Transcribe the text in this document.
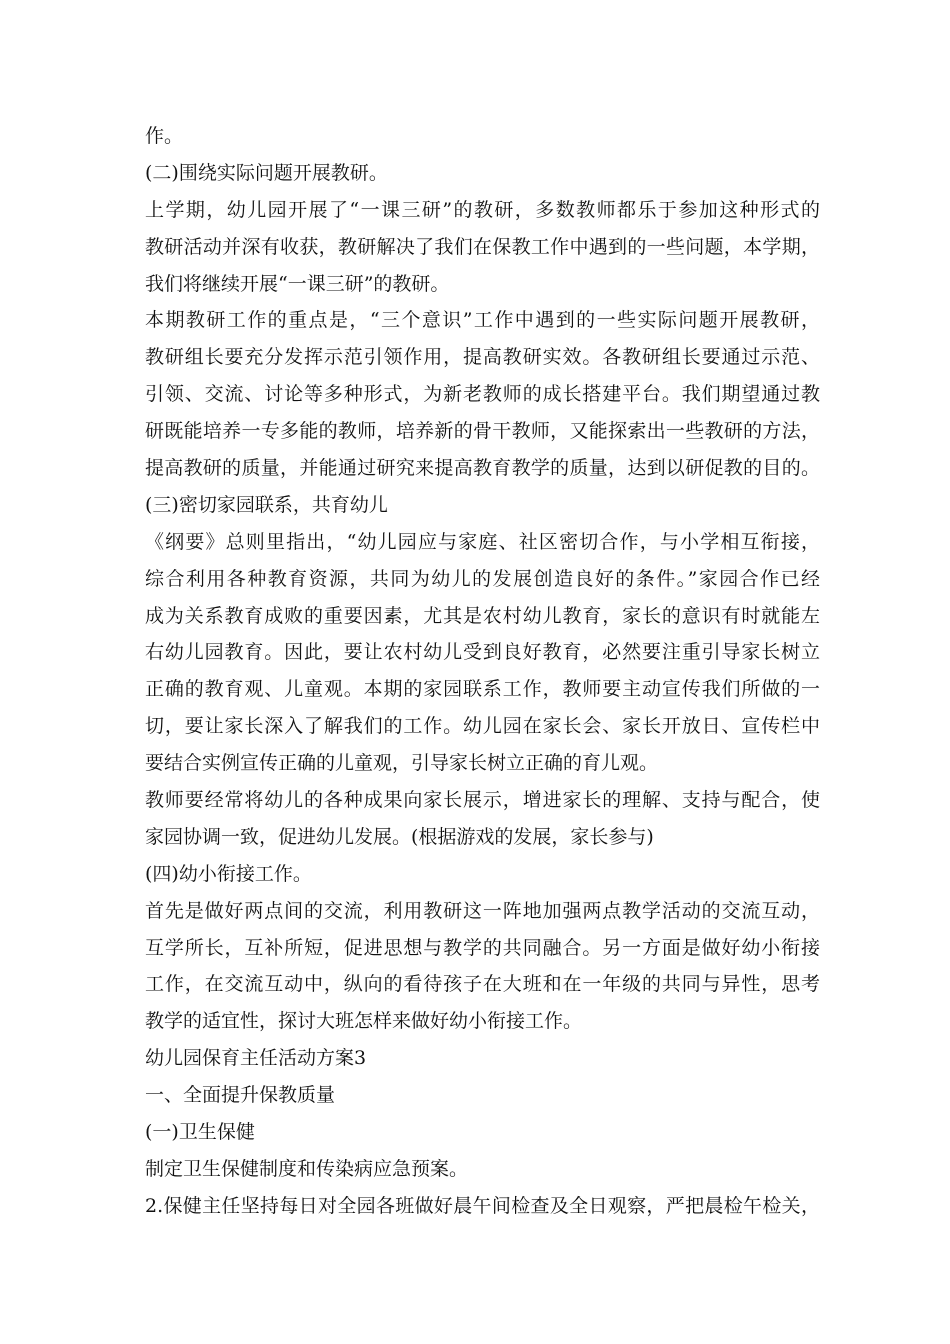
作。
(二)围绕实际问题开展教研。
上学期，幼儿园开展了“一课三研”的教研，多数教师都乐于参加这种形式的
教研活动并深有收获，教研解决了我们在保教工作中遇到的一些问题，本学期，
我们将继续开展“一课三研”的教研。
本期教研工作的重点是，“三个意识”工作中遇到的一些实际问题开展教研，
教研组长要充分发挥示范引领作用，提高教研实效。各教研组长要通过示范、
引领、交流、讨论等多种形式，为新老教师的成长搭建平台。我们期望通过教
研既能培养一专多能的教师，培养新的骨干教师，又能探索出一些教研的方法，
提高教研的质量，并能通过研究来提高教育教学的质量，达到以研促教的目的。
(三)密切家园联系，共育幼儿
《纲要》总则里指出，“幼儿园应与家庭、社区密切合作，与小学相互衔接，
综合利用各种教育资源，共同为幼儿的发展创造良好的条件。”家园合作已经
成为关系教育成败的重要因素，尤其是农村幼儿教育，家长的意识有时就能左
右幼儿园教育。因此，要让农村幼儿受到良好教育，必然要注重引导家长树立
正确的教育观、儿童观。本期的家园联系工作，教师要主动宣传我们所做的一
切，要让家长深入了解我们的工作。幼儿园在家长会、家长开放日、宣传栏中
要结合实例宣传正确的儿童观，引导家长树立正确的育儿观。
教师要经常将幼儿的各种成果向家长展示，增进家长的理解、支持与配合，使
家园协调一致，促进幼儿发展。(根据游戏的发展，家长参与)
(四)幼小衔接工作。
首先是做好两点间的交流，利用教研这一阵地加强两点教学活动的交流互动，
互学所长，互补所短，促进思想与教学的共同融合。另一方面是做好幼小衔接
工作，在交流互动中，纵向的看待孩子在大班和在一年级的共同与异性，思考
教学的适宜性，探讨大班怎样来做好幼小衔接工作。
幼儿园保育主任活动方案3
一、全面提升保教质量
(一)卫生保健
制定卫生保健制度和传染病应急预案。
2.保健主任坚持每日对全园各班做好晨午间检查及全日观察，严把晨检午检关，
